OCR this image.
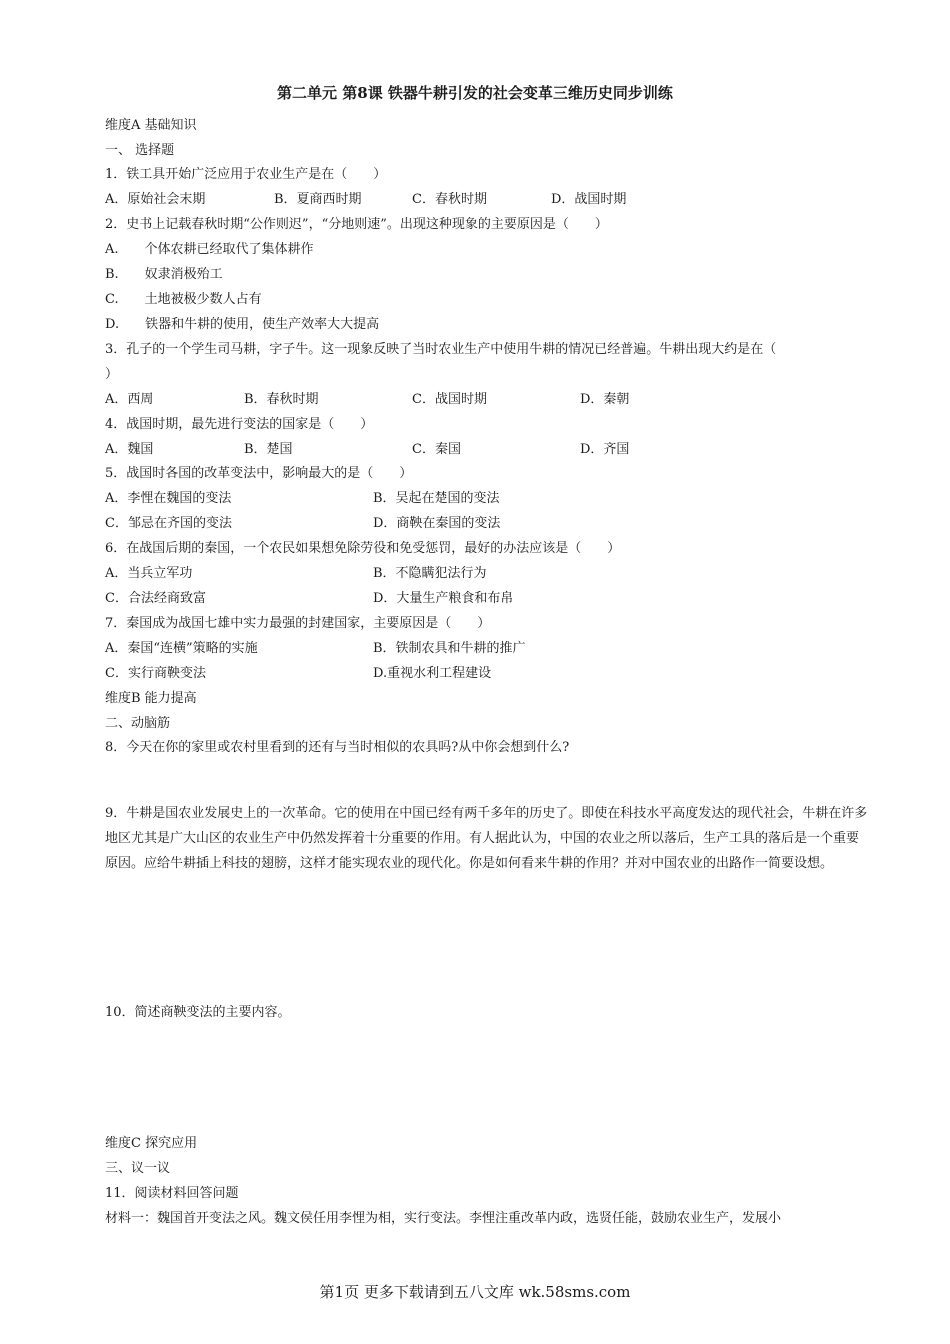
第二单元 第8课 铁器牛耕引发的社会变革三维历史同步训练
维度A 基础知识
一、 选择题
1．铁工具开始广泛应用于农业生产是在（　　）
A．原始社会末期	B．夏商西时期	C．春秋时期	D．战国时期
2．史书上记载春秋时期“公作则迟”，“分地则速”。出现这种现象的主要原因是（　　）
A.　　个体农耕已经取代了集体耕作
B.　　奴隶消极殆工
C.　　土地被极少数人占有
D.　　铁器和牛耕的使用，使生产效率大大提高
3．孔子的一个学生司马耕，字子牛。这一现象反映了当时农业生产中使用牛耕的情况已经普遍。牛耕出现大约是在（
）
A．西周	B．春秋时期	C．战国时期	D．秦朝
4．战国时期，最先进行变法的国家是（　　）
A．魏国	B．楚国	C．秦国	D．齐国
5．战国时各国的改革变法中，影响最大的是（　　）
A．李悝在魏国的变法	B．吴起在楚国的变法
C．邹忌在齐国的变法	D．商鞅在秦国的变法
6．在战国后期的秦国，一个农民如果想免除劳役和免受惩罚，最好的办法应该是（　　）
A．当兵立军功	B．不隐瞒犯法行为
C．合法经商致富	D．大量生产粮食和布帛
7．秦国成为战国七雄中实力最强的封建国家，主要原因是（　　）
A．秦国“连横”策略的实施	B．铁制农具和牛耕的推广
C．实行商鞅变法	D.重视水利工程建设
维度B 能力提高
二、动脑筋
8．今天在你的家里或农村里看到的还有与当时相似的农具吗?从中你会想到什么?
9．牛耕是国农业发展史上的一次革命。它的使用在中国已经有两千多年的历史了。即使在科技水平高度发达的现代社会，牛耕在许多地区尤其是广大山区的农业生产中仍然发挥着十分重要的作用。有人据此认为，中国的农业之所以落后，生产工具的落后是一个重要原因。应给牛耕插上科技的翅膀，这样才能实现农业的现代化。你是如何看来牛耕的作用？并对中国农业的出路作一简要设想。
10．简述商鞅变法的主要内容。
维度C 探究应用
三、议一议
11．阅读材料回答问题
材料一：魏国首开变法之风。魏文侯任用李悝为相，实行变法。李悝注重改革内政，选贤任能，鼓励农业生产，发展小
第1页 更多下载请到五八文库 wk.58sms.com
